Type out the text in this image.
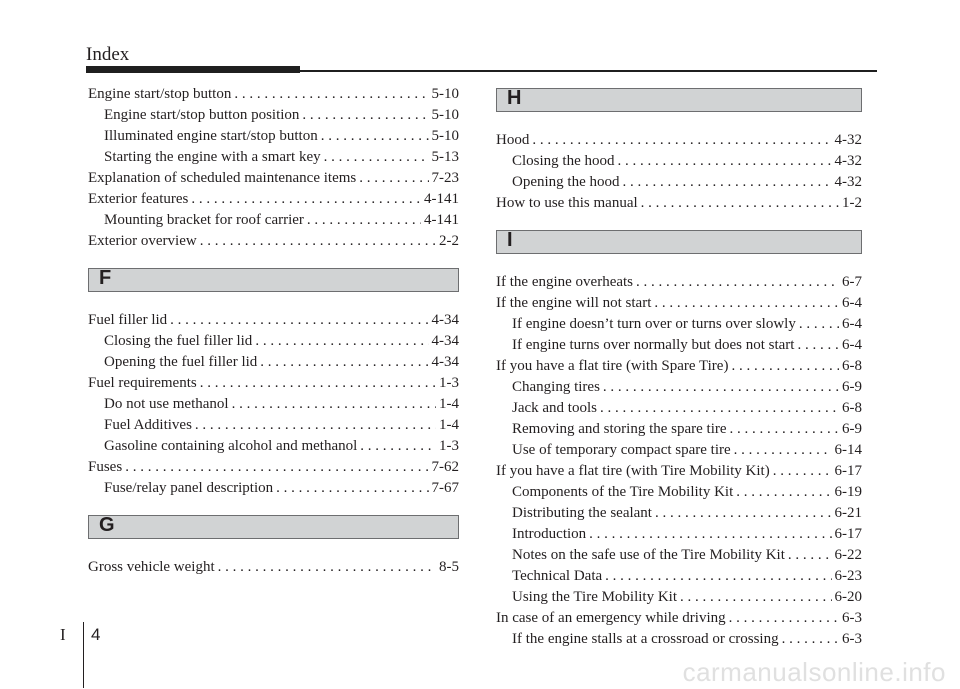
Index
Engine start/stop button . . .	5-10
Engine start/stop button position . . .	5-10
Illuminated engine start/stop button . . .	5-10
Starting the engine with a smart key . . .	5-13
Explanation of scheduled maintenance items . . .	7-23
Exterior features . . .	4-141
Mounting bracket for roof carrier . . .	4-141
Exterior overview . . .	2-2
F
Fuel filler lid . . .	4-34
Closing the fuel filler lid . . .	4-34
Opening the fuel filler lid . . .	4-34
Fuel requirements . . .	1-3
Do not use methanol . . .	1-4
Fuel Additives . . .	1-4
Gasoline containing alcohol and methanol . . .	1-3
Fuses . . .	7-62
Fuse/relay panel description . . .	7-67
G
Gross vehicle weight . . .	8-5
H
Hood . . .	4-32
Closing the hood . . .	4-32
Opening the hood . . .	4-32
How to use this manual . . .	1-2
I
If the engine overheats . . .	6-7
If the engine will not start . . .	6-4
If engine doesn’t turn over or turns over slowly . . .	6-4
If engine turns over normally but does not start . . .	6-4
If you have a flat tire (with Spare Tire) . . .	6-8
Changing tires . . .	6-9
Jack and tools . . .	6-8
Removing and storing the spare tire . . .	6-9
Use of temporary compact spare tire . . .	6-14
If you have a flat tire (with Tire Mobility Kit) . . .	6-17
Components of the Tire Mobility Kit . . .	6-19
Distributing the sealant . . .	6-21
Introduction . . .	6-17
Notes on the safe use of the Tire Mobility Kit . . .	6-22
Technical Data . . .	6-23
Using the Tire Mobility Kit . . .	6-20
In case of an emergency while driving . . .	6-3
If the engine stalls at a crossroad or crossing . . .	6-3
I 4
carmanualsonline.info
